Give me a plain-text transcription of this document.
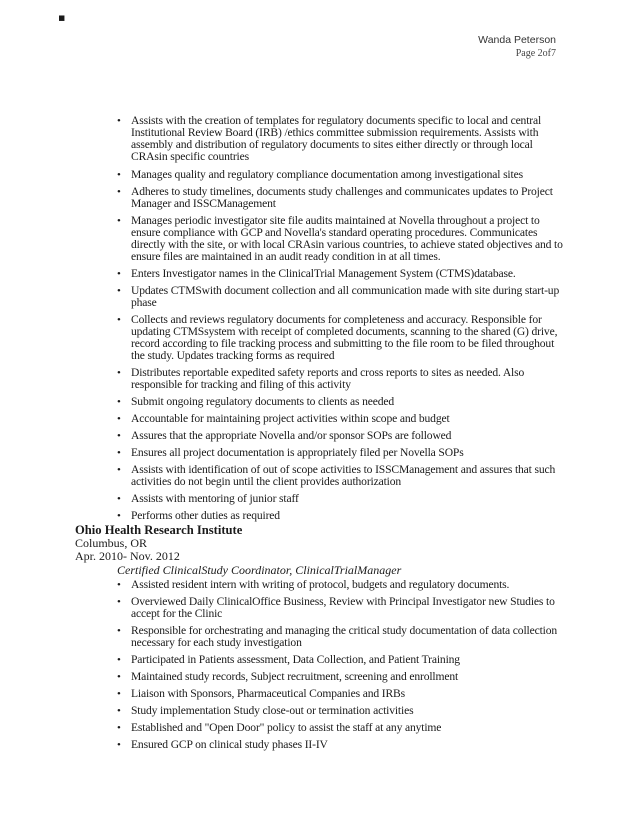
▪
Wanda Peterson
Page 2of7
• Assists with the creation of templates for regulatory documents specific to local and central Institutional Review Board (IRB) /ethics committee submission requirements. Assists with assembly and distribution of regulatory documents to sites either directly or through local CRAsin specific countries
• Manages quality and regulatory compliance documentation among investigational sites
• Adheres to study timelines, documents study challenges and communicates updates to Project Manager and ISSCManagement
• Manages periodic investigator site file audits maintained at Novella throughout a project to ensure compliance with GCP and Novella's standard operating procedures. Communicates directly with the site, or with local CRAsin various countries, to achieve stated objectives and to ensure files are maintained in an audit ready condition in at all times.
• Enters Investigator names in the ClinicalTrial Management System (CTMS)database.
• Updates CTMSwith document collection and all communication made with site during start-up phase
• Collects and reviews regulatory documents for completeness and accuracy. Responsible for updating CTMSsystem with receipt of completed documents, scanning to the shared (G) drive, record according to file tracking process and submitting to the file room to be filed throughout the study. Updates tracking forms as required
• Distributes reportable expedited safety reports and cross reports to sites as needed. Also responsible for tracking and filing of this activity
• Submit ongoing regulatory documents to clients as needed
• Accountable for maintaining project activities within scope and budget
• Assures that the appropriate Novella and/or sponsor SOPs are followed
• Ensures all project documentation is appropriately filed per Novella SOPs
• Assists with identification of out of scope activities to ISSCManagement and assures that such activities do not begin until the client provides authorization
• Assists with mentoring of junior staff
• Performs other duties as required
Ohio Health Research Institute
Columbus, OR
Apr. 2010- Nov. 2012
Certified ClinicalStudy Coordinator, ClinicalTrialManager
• Assisted resident intern with writing of protocol, budgets and regulatory documents.
• Overviewed Daily ClinicalOffice Business, Review with Principal Investigator new Studies to accept for the Clinic
• Responsible for orchestrating and managing the critical study documentation of data collection necessary for each study investigation
• Participated in Patients assessment, Data Collection, and Patient Training
• Maintained study records, Subject recruitment, screening and enrollment
• Liaison with Sponsors, Pharmaceutical Companies and IRBs
• Study implementation Study close-out or termination activities
• Established and "Open Door" policy to assist the staff at any anytime
• Ensured GCP on clinical study phases II-IV
